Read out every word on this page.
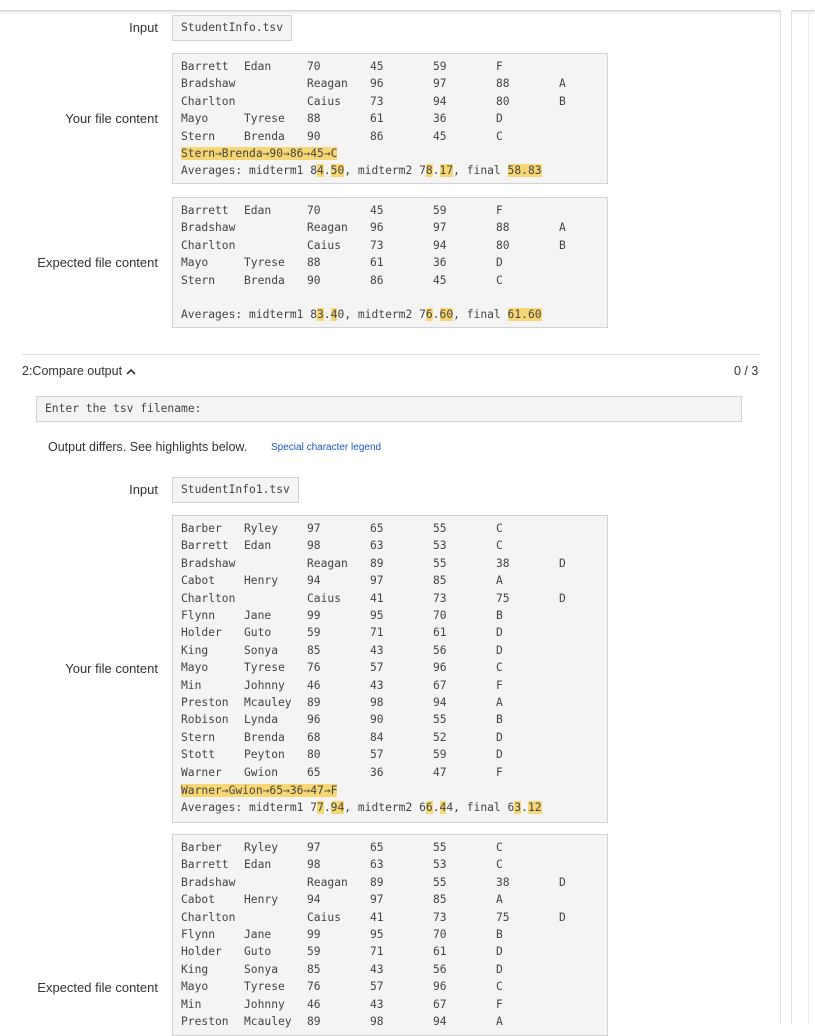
Input	StudentInfo.tsv
Your file content
Barrett Edan	70	45	59	F
Bradshaw	Reagan 96	97	88	A
Charlton	Caius	73	94	80	B
Mayo	Tyrese 88	61	36	D
Stern	Brenda 90	86	45	C
Stern→Brenda→90→86→45→C
Averages: midterm1 84.50, midterm2 78.17, final 58.83
Expected file content
Barrett Edan	70	45	59	F
Bradshaw	Reagan 96	97	88	A
Charlton	Caius	73	94	80	B
Mayo	Tyrese 88	61	36	D
Stern	Brenda 90	86	45	C
Averages: midterm1 83.40, midterm2 76.60, final 61.60
2:Compare output	0 / 3
Enter the tsv filename:
Output differs. See highlights below. Special character legend
Input	StudentInfo1.tsv
Your file content
Barber Ryley	97	65	55	C
Barrett Edan	98	63	53	C
Bradshaw	Reagan 89	55	38	D
Cabot	Henry	94	97	85	A
Charlton	Caius	41	73	75	D
Flynn	Jane	99	95	70	B
Holder Guto	59	71	61	D
King	Sonya	85	43	56	D
Mayo	Tyrese 76	57	96	C
Min	Johnny 46	43	67	F
Preston Mcauley 89	98	94	A
Robison Lynda	96	90	55	B
Stern	Brenda 68	84	52	D
Stott	Peyton 80	57	59	D
Warner Gwion	65	36	47	F
Warner→Gwion→65→36→47→F
Averages: midterm1 77.94, midterm2 66.44, final 63.12
Expected file content
Barber Ryley	97	65	55	C
Barrett Edan	98	63	53	C
Bradshaw	Reagan 89	55	38	D
Cabot	Henry	94	97	85	A
Charlton	Caius	41	73	75	D
Flynn	Jane	99	95	70	B
Holder Guto	59	71	61	D
King	Sonya	85	43	56	D
Mayo	Tyrese 76	57	96	C
Min	Johnny 46	43	67	F
Preston Mcauley 89	98	94	A
